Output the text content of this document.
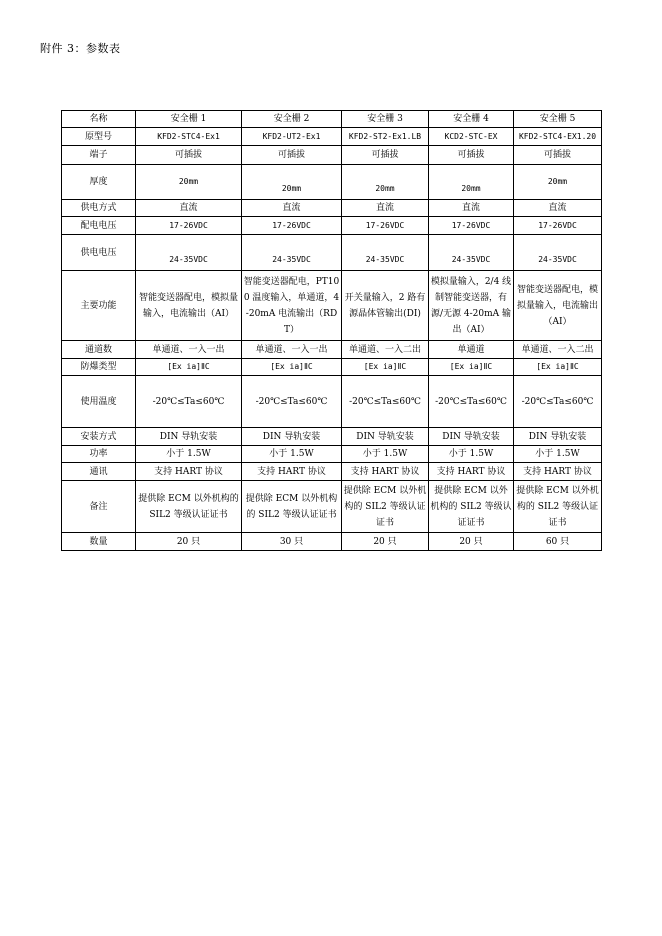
附件 3：参数表
名称	安全栅 1	安全栅 2	安全栅 3	安全栅 4	安全栅 5
原型号	KFD2-STC4-Ex1	KFD2-UT2-Ex1	KFD2-ST2-Ex1.LB	KCD2-STC-EX	KFD2-STC4-EX1.20
端子	可插拔	可插拔	可插拔	可插拔	可插拔
厚度	20mm	20mm	20mm	20mm	20mm
供电方式	直流	直流	直流	直流	直流
配电电压	17-26VDC	17-26VDC	17-26VDC	17-26VDC	17-26VDC
供电电压	24-35VDC	24-35VDC	24-35VDC	24-35VDC	24-35VDC
主要功能	智能变送器配电，模拟量输入，电流输出（AI）	智能变送器配电，PT100 温度输入，单通道，4-20mA 电流输出（RDT）	开关量输入，2 路有源晶体管输出(DI)	模拟量输入，2/4 线制智能变送器，有源/无源 4-20mA 输出（AI）	智能变送器配电，模拟量输入，电流输出（AI）
通道数	单通道、一入一出	单通道、一入一出	单通道、一入二出	单通道	单通道、一入二出
防爆类型	[Ex ia]ⅡC	[Ex ia]ⅡC	[Ex ia]ⅡC	[Ex ia]ⅡC	[Ex ia]ⅡC
使用温度	-20℃≤Ta≤60℃	-20℃≤Ta≤60℃	-20℃≤Ta≤60℃	-20℃≤Ta≤60℃	-20℃≤Ta≤60℃
安装方式	DIN 导轨安装	DIN 导轨安装	DIN 导轨安装	DIN 导轨安装	DIN 导轨安装
功率	小于 1.5W	小于 1.5W	小于 1.5W	小于 1.5W	小于 1.5W
通讯	支持 HART 协议	支持 HART 协议	支持 HART 协议	支持 HART 协议	支持 HART 协议
备注	提供除 ECM 以外机构的 SIL2 等级认证证书	提供除 ECM 以外机构的 SIL2 等级认证证书	提供除 ECM 以外机构的 SIL2 等级认证证书	提供除 ECM 以外机构的 SIL2 等级认证证书	提供除 ECM 以外机构的 SIL2 等级认证证书
数量	20 只	30 只	20 只	20 只	60 只
